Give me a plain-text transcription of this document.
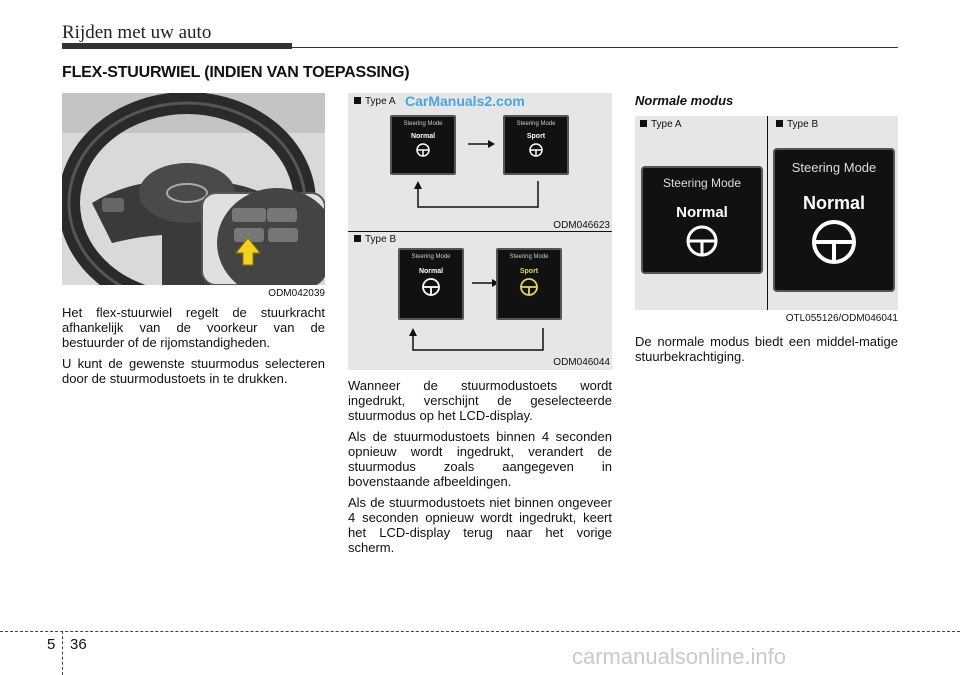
Rijden met uw auto
FLEX-STUURWIEL (INDIEN VAN TOEPASSING)
ODM042039

Het flex-stuurwiel regelt de stuurkracht afhankelijk van de voorkeur van de bestuurder of de rijomstandigheden.

U kunt de gewenste stuurmodus selecteren door de stuurmodustoets in te drukken.

Type A
Steering Mode
Normal
Steering Mode
Sport
ODM046623
Type B
Steering Mode
Normal
Steering Mode
Sport
ODM046044

Wanneer de stuurmodustoets wordt ingedrukt, verschijnt de geselecteerde stuurmodus op het LCD-display.

Als de stuurmodustoets binnen 4 seconden opnieuw wordt ingedrukt, verandert de stuurmodus zoals aangegeven in bovenstaande afbeeldingen.

Als de stuurmodustoets niet binnen ongeveer 4 seconden opnieuw wordt ingedrukt, keert het LCD-display terug naar het vorige scherm.

CarManuals2.com	Normale modus
Type A	Type B
Steering Mode
Normal
Steering Mode
Normal
OTL055126/ODM046041
De normale modus biedt een middel-matige stuurbekrachtiging.
5 36	carmanualsonline.info
